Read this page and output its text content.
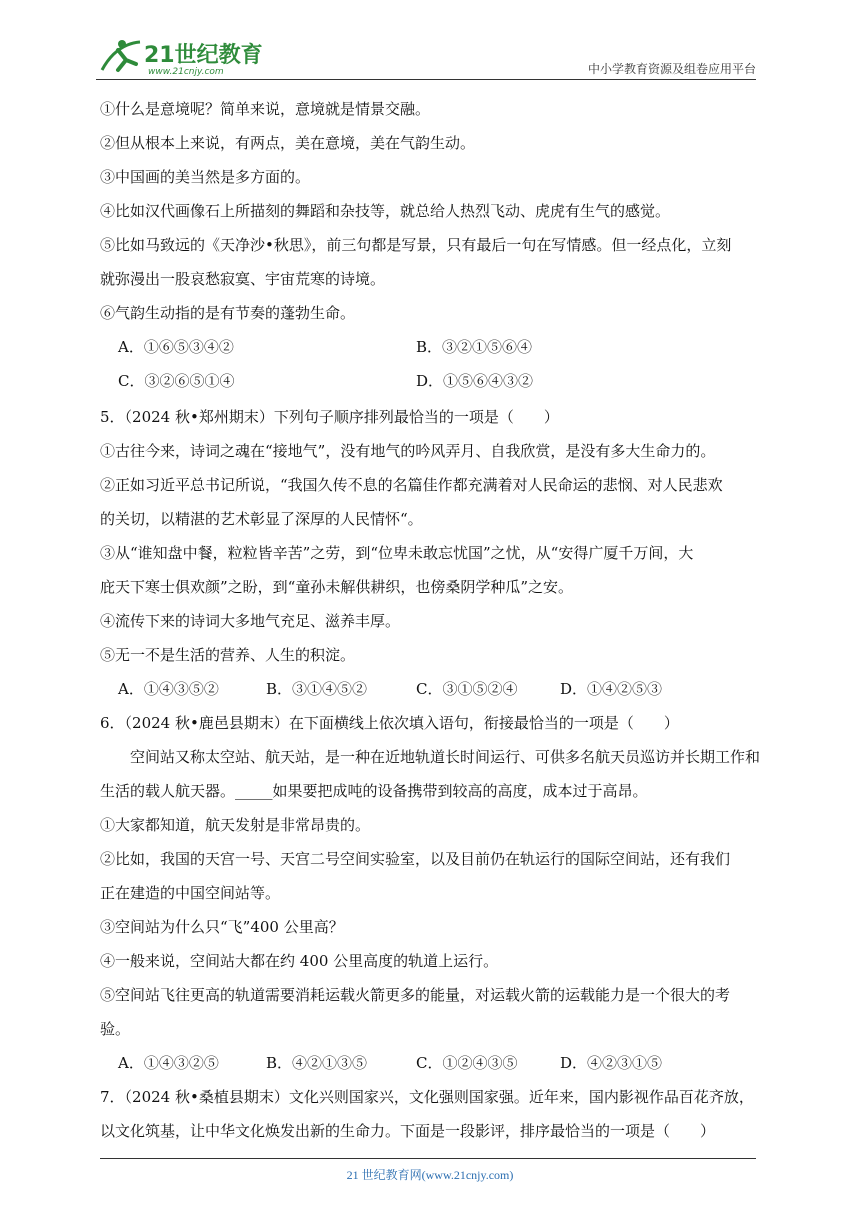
21世纪教育
www.21cnjy.com	中小学教育资源及组卷应用平台
①什么是意境呢？简单来说，意境就是情景交融。
②但从根本上来说，有两点，美在意境，美在气韵生动。
③中国画的美当然是多方面的。
④比如汉代画像石上所描刻的舞蹈和杂技等，就总给人热烈飞动、虎虎有生气的感觉。
⑤比如马致远的《天净沙•秋思》，前三句都是写景，只有最后一句在写情感。但一经点化，立刻
就弥漫出一股哀愁寂寞、宇宙荒寒的诗境。
⑥气韵生动指的是有节奏的蓬勃生命。
A．①⑥⑤③④②	B．③②①⑤⑥④
C．③②⑥⑤①④	D．①⑤⑥④③②
5．（2024 秋•郑州期末）下列句子顺序排列最恰当的一项是（　　）
①古往今来，诗词之魂在“接地气”，没有地气的吟风弄月、自我欣赏，是没有多大生命力的。
②正如习近平总书记所说，“我国久传不息的名篇佳作都充满着对人民命运的悲悯、对人民悲欢
的关切，以精湛的艺术彰显了深厚的人民情怀“。
③从“谁知盘中餐，粒粒皆辛苦”之劳，到“位卑未敢忘忧国”之忧，从“安得广厦千万间，大
庇天下寒士俱欢颜”之盼，到“童孙未解供耕织，也傍桑阴学种瓜”之安。
④流传下来的诗词大多地气充足、滋养丰厚。
⑤无一不是生活的营养、人生的积淀。
A．①④③⑤②	B．③①④⑤②	C．③①⑤②④	D．①④②⑤③
6．（2024 秋•鹿邑县期末）在下面横线上依次填入语句，衔接最恰当的一项是（　　）
空间站又称太空站、航天站，是一种在近地轨道长时间运行、可供多名航天员巡访并长期工作和
生活的载人航天器。_____如果要把成吨的设备携带到较高的高度，成本过于高昂。
①大家都知道，航天发射是非常昂贵的。
②比如，我国的天宫一号、天宫二号空间实验室，以及目前仍在轨运行的国际空间站，还有我们
正在建造的中国空间站等。
③空间站为什么只“飞”400 公里高？
④一般来说，空间站大都在约 400 公里高度的轨道上运行。
⑤空间站飞往更高的轨道需要消耗运载火箭更多的能量，对运载火箭的运载能力是一个很大的考
验。
A．①④③②⑤	B．④②①③⑤	C．①②④③⑤	D．④②③①⑤
7．（2024 秋•桑植县期末）文化兴则国家兴，文化强则国家强。近年来，国内影视作品百花齐放，
以文化筑基，让中华文化焕发出新的生命力。下面是一段影评，排序最恰当的一项是（　　）
21 世纪教育网(www.21cnjy.com)
